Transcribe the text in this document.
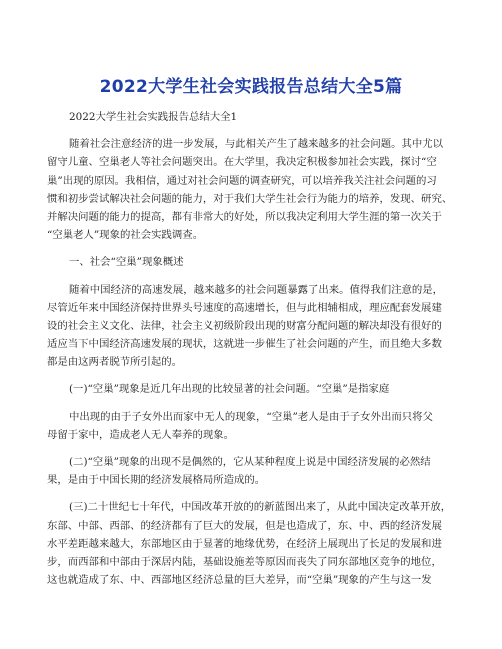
2022大学生社会实践报告总结大全5篇
2022大学生社会实践报告总结大全1
随着社会注意经济的进一步发展，与此相关产生了越来越多的社会问题。其中尤以
留守儿童、空巢老人等社会问题突出。在大学里，我决定积极参加社会实践，探讨“空
巢”出现的原因。我相信，通过对社会问题的调查研究，可以培养我关注社会问题的习
惯和初步尝试解决社会问题的能力，对于我们大学生社会行为能力的培养，发现、研究、
并解决问题的能力的提高，都有非常大的好处，所以我决定利用大学生涯的第一次关于
“空巢老人”现象的社会实践调查。
一、社会“空巢”现象概述
随着中国经济的高速发展，越来越多的社会问题暴露了出来。值得我们注意的是，
尽管近年来中国经济保持世界头号速度的高速增长，但与此相辅相成，理应配套发展建
设的社会主义文化、法律，社会主义初级阶段出现的财富分配问题的解决却没有很好的
适应当下中国经济高速发展的现状，这就进一步催生了社会问题的产生，而且绝大多数
都是由这两者脱节所引起的。
(一)“空巢”现象是近几年出现的比较显著的社会问题。“空巢”是指家庭
中出现的由于子女外出而家中无人的现象，“空巢”老人是由于子女外出而只将父
母留于家中，造成老人无人奉养的现象。
(二)“空巢”现象的出现不是偶然的，它从某种程度上说是中国经济发展的必然结
果，是由于中国长期的经济发展格局所造成的。
(三)二十世纪七十年代，中国改革开放的的新蓝图出来了，从此中国决定改革开放，
东部、中部、西部、的经济都有了巨大的发展，但是也造成了，东、中、西的经济发展
水平差距越来越大，东部地区由于显著的地缘优势，在经济上展现出了长足的发展和进
步，而西部和中部由于深居内陆，基础设施差等原因而丧失了同东部地区竞争的地位，
这也就造成了东、中、西部地区经济总量的巨大差异，而“空巢”现象的产生与这一发
